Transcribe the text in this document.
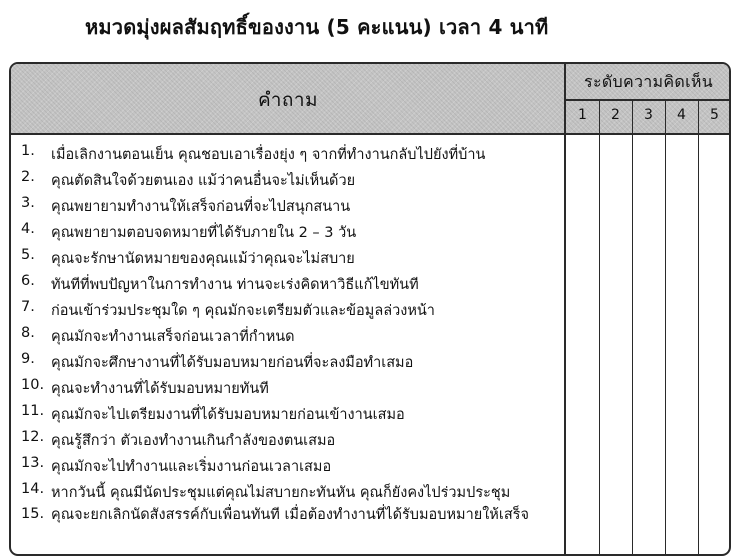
หมวดมุ่งผลสัมฤทธิ์ของงาน (5 คะแนน) เวลา 4 นาที
คำถาม
ระดับความคิดเห็น
1	2	3	4	5
1.	เมื่อเลิกงานตอนเย็น คุณชอบเอาเรื่องยุ่ง ๆ จากที่ทำงานกลับไปยังที่บ้าน
2.	คุณตัดสินใจด้วยตนเอง แม้ว่าคนอื่นจะไม่เห็นด้วย
3.	คุณพยายามทำงานให้เสร็จก่อนที่จะไปสนุกสนาน
4.	คุณพยายามตอบจดหมายที่ได้รับภายใน 2 – 3 วัน
5.	คุณจะรักษานัดหมายของคุณแม้ว่าคุณจะไม่สบาย
6.	ทันทีที่พบปัญหาในการทำงาน ท่านจะเร่งคิดหาวิธีแก้ไขทันที
7.	ก่อนเข้าร่วมประชุมใด ๆ คุณมักจะเตรียมตัวและข้อมูลล่วงหน้า
8.	คุณมักจะทำงานเสร็จก่อนเวลาที่กำหนด
9.	คุณมักจะศึกษางานที่ได้รับมอบหมายก่อนที่จะลงมือทำเสมอ
10. คุณจะทำงานที่ได้รับมอบหมายทันที
11. คุณมักจะไปเตรียมงานที่ได้รับมอบหมายก่อนเข้างานเสมอ
12. คุณรู้สึกว่า ตัวเองทำงานเกินกำลังของตนเสมอ
13. คุณมักจะไปทำงานและเริ่มงานก่อนเวลาเสมอ
14. หากวันนี้ คุณมีนัดประชุมแต่คุณไม่สบายกะทันหัน คุณก็ยังคงไปร่วมประชุม
15. คุณจะยกเลิกนัดสังสรรค์กับเพื่อนทันที เมื่อต้องทำงานที่ได้รับมอบหมายให้เสร็จ
